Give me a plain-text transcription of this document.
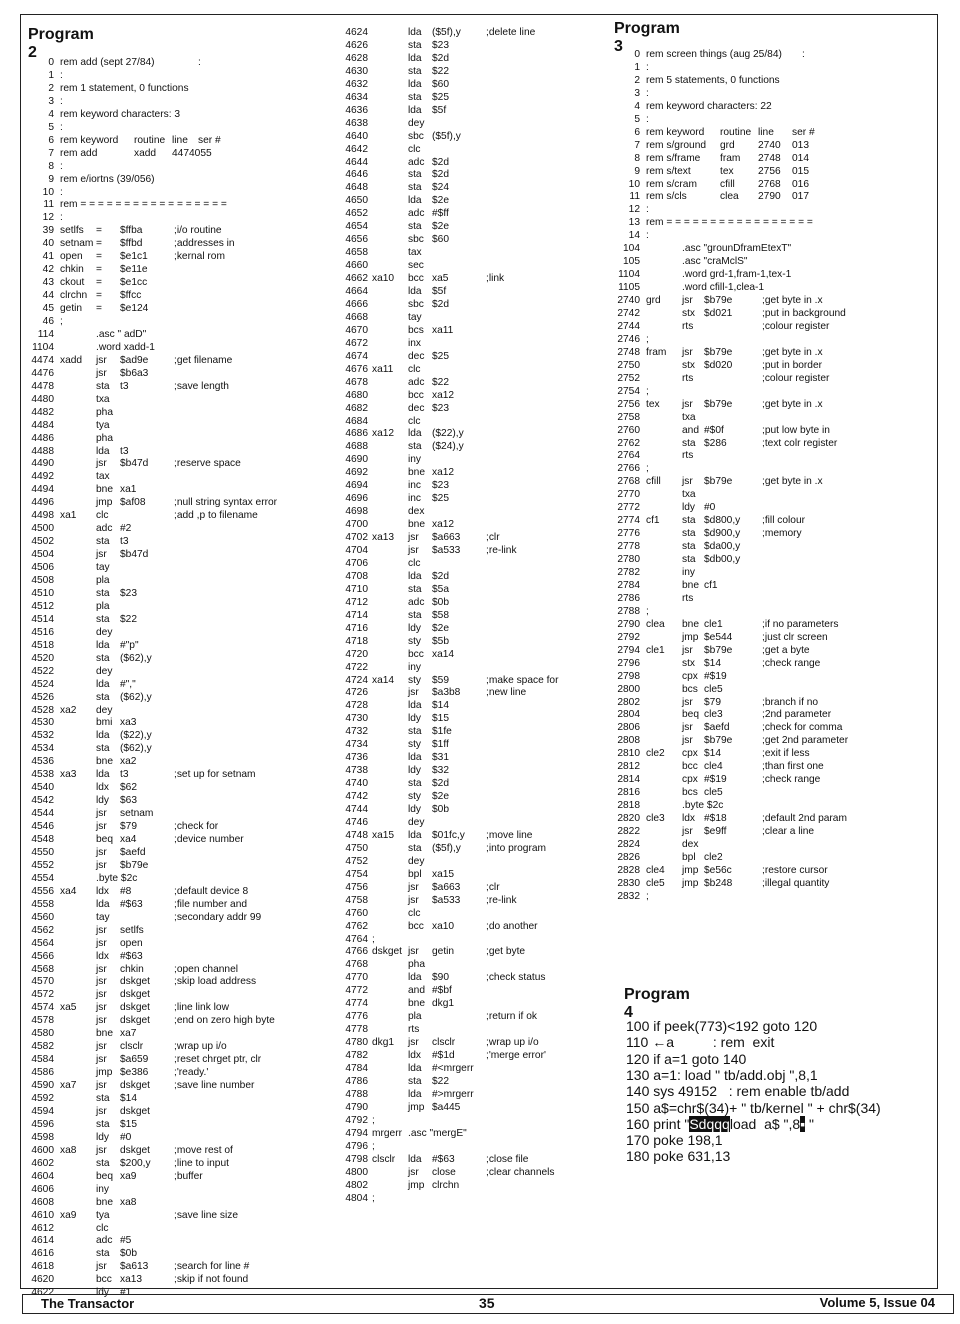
Program 2
0 rem add (sept 27/84)	:
1 :
2 rem 1 statement, 0 functions
3 :
4 rem keyword characters: 3
5 :
6 rem keyword routine line ser #
7 rem add	xadd 4474055
8 :
9 rem e/iortns (39/056)
10 :
11 rem = = = = = = = = = = = = = = = = =
12 :
39 setlfs = $ffba	;i/o routine
40 setnam = $ffbd	;addresses in
41 open = $e1c1	;kernal rom
42 chkin = $e11e
43 ckout = $e1cc
44 clrchn = $ffcc
45 getin = $e124
46 ;
114	.asc " adD"
1104	.word xadd-1
4474 xadd jsr $ad9e	;get filename
4476	jsr $b6a3
4478	sta t3	;save length
4480	txa
4482	pha
4484	tya
4486	pha
4488	lda t3
4490	jsr $b47d	;reserve space
4492	tax
4494	bne xa1
4496	jmp $af08	;null string syntax error
4498 xa1 clc	;add ,p to filename
4500	adc #2
4502	sta t3
4504	jsr $b47d
4506	tay
4508	pla
4510	sta $23
4512	pla
4514	sta $22
4516	dey
4518	lda #"p"
4520	sta ($62),y
4522	dey
4524	lda #","
4526	sta ($62),y
4528 xa2 dey
4530	bmi xa3
4532	lda ($22),y
4534	sta ($62),y
4536	bne xa2
4538 xa3 lda t3	;set up for setnam
4540	ldx $62
4542	ldy $63
4544	jsr setnam
4546	jsr $79	;check for
4548	beq xa4	;device number
4550	jsr $aefd
4552	jsr $b79e
4554	.byte $2c
4556 xa4 ldx #8	;default device 8
4558	lda #$63	;file number and
4560	tay	;secondary addr 99
4562	jsr setlfs
4564	jsr open
4566	ldx #$63
4568	jsr chkin	;open channel
4570	jsr dskget ;skip load address
4572	jsr dskget
4574 xa5 jsr dskget ;line link low
4578	jsr dskget ;end on zero high byte
4580	bne xa7
4582	jsr clsclr	;wrap up i/o
4584	jsr $a659	;reset chrget ptr, clr
4586	jmp $e386	;'ready.'
4590 xa7 jsr dskget ;save line number
4592	sta $14
4594	jsr dskget
4596	sta $15
4598	ldy #0
4600 xa8 jsr dskget ;move rest of
4602	sta $200,y ;line to input
4604	beq xa9	;buffer
4606	iny
4608	bne xa8
4610 xa9 tya	;save line size
4612	clc
4614	adc #5
4616	sta $0b
4618	jsr $a613	;search for line #
4620	bcc xa13	;skip if not found
4622	ldy #1
4624	lda ($5f),y ;delete line
4626	sta $23
4628	lda $2d
4630	sta $22
4632	lda $60
4634	sta $25
4636	lda $5f
4638	dey
4640	sbc ($5f),y
4642	clc
4644	adc $2d
4646	sta $2d
4648	sta $24
4650	lda $2e
4652	adc #$ff
4654	sta $2e
4656	sbc $60
4658	tax
4660	sec
4662 xa10 bcc xa5	;link
4664	lda $5f
4666	sbc $2d
4668	tay
4670	bcs xa11
4672	inx
4674	dec $25
4676 xa11 clc
4678	adc $22
4680	bcc xa12
4682	dec $23
4684	clc
4686 xa12 lda ($22),y
4688	sta ($24),y
4690	iny
4692	bne xa12
4694	inc $23
4696	inc $25
4698	dex
4700	bne xa12
4702 xa13 jsr $a663	;clr
4704	jsr $a533	;re-link
4706	clc
4708	lda $2d
4710	sta $5a
4712	adc $0b
4714	sta $58
4716	ldy $2e
4718	sty $5b
4720	bcc xa14
4722	iny
4724 xa14 sty $59	;make space for
4726	jsr $a3b8	;new line
4728	lda $14
4730	ldy $15
4732	sta $1fe
4734	sty $1ff
4736	lda $31
4738	ldy $32
4740	sta $2d
4742	sty $2e
4744	ldy $0b
4746	dey
4748 xa15 lda $01fc,y ;move line
4750	sta ($5f),y ;into program
4752	dey
4754	bpl xa15
4756	jsr $a663	;clr
4758	jsr $a533	;re-link
4760	clc
4762	bcc xa10	;do another
4764 ;
4766 dskget jsr getin	;get byte
4768	pha
4770	lda $90	;check status
4772	and #$bf
4774	bne dkg1
4776	pla	;return if ok
4778	rts
4780 dkg1 jsr clsclr	;wrap up i/o
4782	ldx #$1d	;'merge error'
4784	lda #<mrgerr
4786	sta $22
4788	lda #>mrgerr
4790	jmp $a445
4792 ;
4794 mrgerr .asc "mergE"
4796 ;
4798 clsclr lda #$63	;close file
4800	jsr close	;clear channels
4802	jmp clrchn
4804 ;
Program 3	0 rem screen things (aug 25/84) :
1 :
2 rem 5 statements, 0 functions
3 :
4 rem keyword characters: 22
5 :
6 rem keyword routine line ser #
7 rem s/ground grd 2740 013
8 rem s/frame fram 2748 014
9 rem s/text	tex 2756 015
10 rem s/cram cfill 2768 016
11 rem s/cls	clea 2790 017
12 :
13 rem = = = = = = = = = = = = = = = = =
14 :
104	.asc "grounDframEtexT"
105	.asc "craMclS"
1104	.word grd-1,fram-1,tex-1
1105	.word cfill-1,clea-1
2740 grd jsr $b79e	;get byte in .x
2742	stx $d021	;put in background
2744	rts	;colour register
2746 ;
2748 fram jsr $b79e	;get byte in .x
2750	stx $d020	;put in border
2752	rts	;colour register
2754 ;
2756 tex jsr $b79e	;get byte in .x
2758	txa
2760	and #$0f	;put low byte in
2762	sta $286	;text colr register
2764	rts
2766 ;
2768 cfill jsr $b79e	;get byte in .x
2770	txa
2772	ldy #0
2774 cf1 sta $d800,y ;fill colour
2776	sta $d900,y ;memory
2778	sta $da00,y
2780	sta $db00,y
2782	iny
2784	bne cf1
2786	rts
2788 ;
2790 clea bne cle1	;if no parameters
2792	jmp $e544	;just clr screen
2794 cle1 jsr $b79e	;get a byte
2796	stx $14	;check range
2798	cpx #$19
2800	bcs cle5
2802	jsr $79	;branch if no
2804	beq cle3	;2nd parameter
2806	jsr $aefd	;check for comma
2808	jsr $b79e	;get 2nd parameter
2810 cle2 cpx $14	;exit if less
2812	bcc cle4	;than first one
2814	cpx #$19	;check range
2816	bcs cle5
2818	.byte $2c
2820 cle3 ldx #$18	;default 2nd param
2822	jsr $e9ff	;clear a line
2824	dex
2826	bpl cle2
2828 cle4 jmp $e56c	;restore cursor
2830 cle5 jmp $b248	;illegal quantity
2832 ;
Program 4
100 if peek(773)<192 goto 120
110 ←a          : rem  exit
120 if a=1 goto 140
130 a=1: load " tb/add.obj ",8,1
140 sys 49152   : rem enable tb/add
150 a$=chr$(34)+ " tb/kernel " + chr$(34)
160 print "Sdqqqload  a$ ",8▪ "
170 poke 198,1
180 poke 631,13
The Transactor	35	Volume 5, Issue 04
